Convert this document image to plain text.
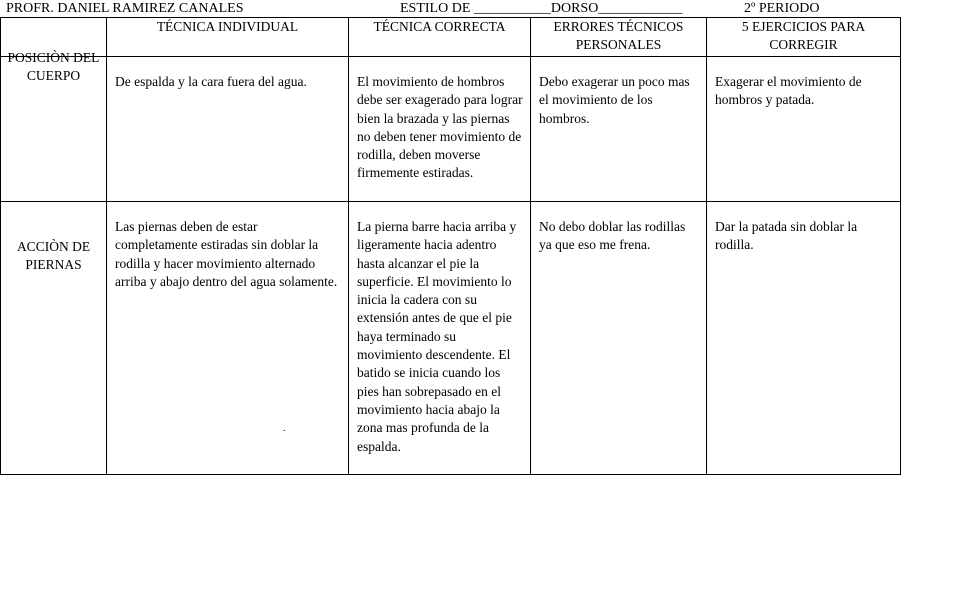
PROFR. DANIEL RAMIREZ CANALES	ESTILO DE ___________DORSO____________	2º PERIODO
	TÉCNICA INDIVIDUAL	TÉCNICA CORRECTA	ERRORES TÉCNICOS PERSONALES	5 EJERCICIOS PARA CORREGIR

POSICIÒN DEL CUERPO	De espalda y la cara fuera del agua.	El movimiento de hombros debe ser exagerado para lograr bien la brazada y las piernas no deben tener movimiento de rodilla, deben moverse firmemente estiradas.	Debo exagerar un poco mas el movimiento de los hombros.	Exagerar el movimiento de hombros y patada.

ACCIÒN DE PIERNAS	Las piernas deben de estar completamente estiradas sin doblar la rodilla y hacer movimiento alternado arriba y abajo dentro del agua solamente.	La pierna barre hacia arriba y ligeramente hacia adentro hasta alcanzar el pie la superficie. El movimiento lo inicia la cadera con su extensión antes de que el pie haya terminado su movimiento descendente. El batido se inicia cuando los pies han sobrepasado en el movimiento hacia abajo la zona mas profunda de la espalda.	No debo doblar las rodillas ya que eso me frena.	Dar la patada sin doblar la rodilla.
.
